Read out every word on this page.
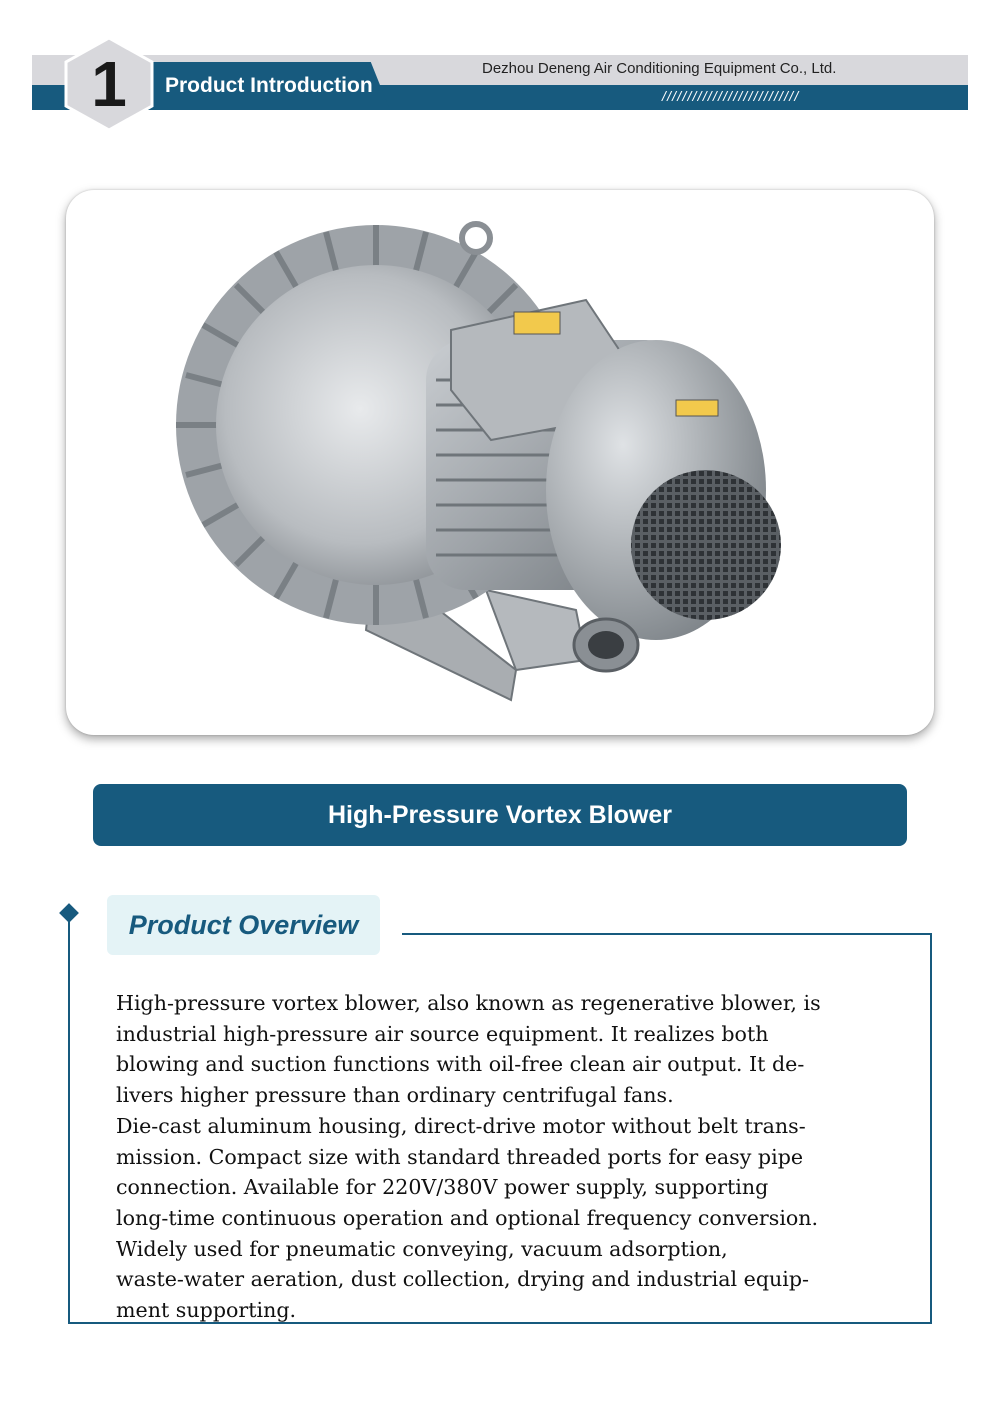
1	Product Introduction
Dezhou Deneng Air Conditioning Equipment Co., Ltd.
///////////////////////////
High-Pressure Vortex Blower
Product Overview

High-pressure vortex blower, also known as regenerative blower, is

industrial high-pressure air source equipment. It realizes both

blowing and suction functions with oil-free clean air output. It de-

livers higher pressure than ordinary centrifugal fans.

Die-cast aluminum housing, direct-drive motor without belt trans-

mission. Compact size with standard threaded ports for easy pipe

connection. Available for 220V/380V power supply, supporting

long-time continuous operation and optional frequency conversion.

Widely used for pneumatic conveying, vacuum adsorption,

waste-water aeration, dust collection, drying and industrial equip-

ment supporting.
